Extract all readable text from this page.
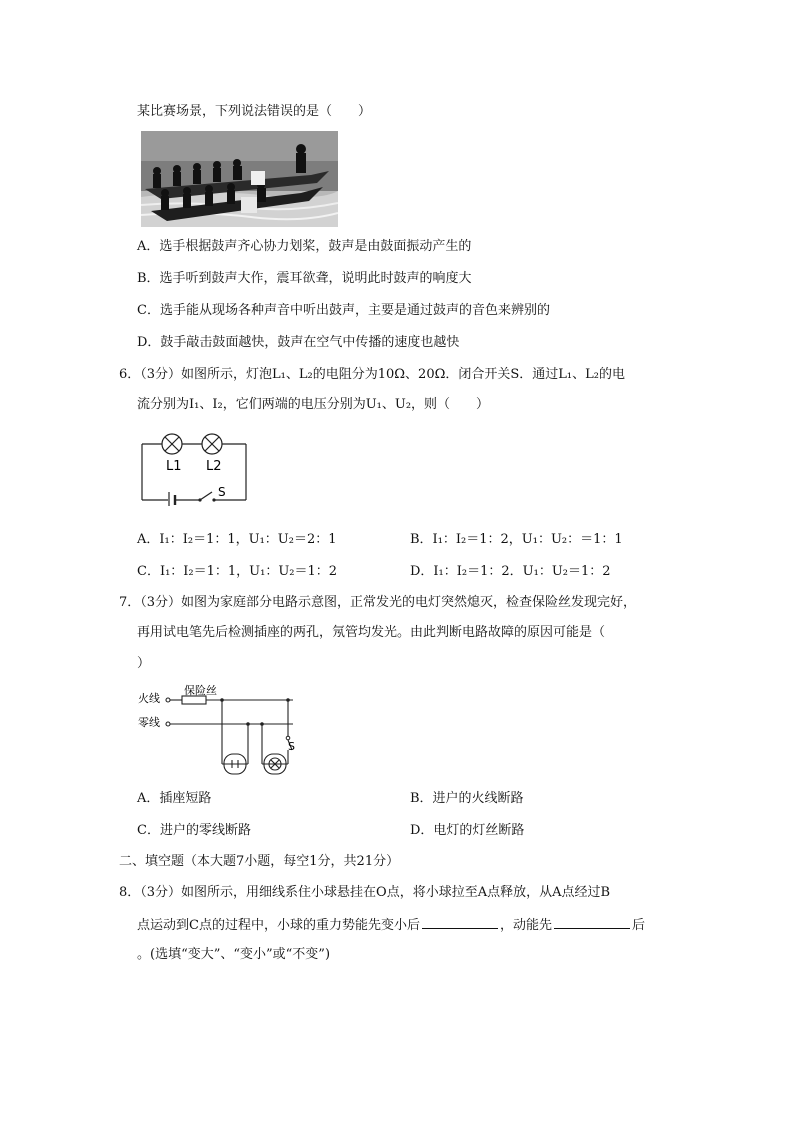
某比赛场景，下列说法错误的是（　　）
A．选手根据鼓声齐心协力划桨，鼓声是由鼓面振动产生的
B．选手听到鼓声大作，震耳欲聋，说明此时鼓声的响度大
C．选手能从现场各种声音中听出鼓声，主要是通过鼓声的音色来辨别的
D．鼓手敲击鼓面越快，鼓声在空气中传播的速度也越快
6．（3分）如图所示，灯泡L₁、L₂的电阻分为10Ω、20Ω．闭合开关S．通过L₁、L₂的电
流分别为I₁、I₂，它们两端的电压分别为U₁、U₂，则（　　）
L1 L2
S
A．I₁：I₂＝1：1，U₁：U₂＝2：1	B．I₁：I₂＝1：2，U₁：U₂：＝1：1
C．I₁：I₂＝1：1，U₁：U₂＝1：2	D．I₁：I₂＝1：2．U₁：U₂＝1：2
7．（3分）如图为家庭部分电路示意图，正常发光的电灯突然熄灭，检查保险丝发现完好，
再用试电笔先后检测插座的两孔，氖管均发光。由此判断电路故障的原因可能是（
）
火线
零线
保险丝
S
A．插座短路	B．进户的火线断路
C．进户的零线断路	D．电灯的灯丝断路
二、填空题（本大题7小题，每空1分，共21分）
8．（3分）如图所示，用细线系住小球悬挂在O点，将小球拉至A点释放，从A点经过B
点运动到C点的过程中，小球的重力势能先变小后	，动能先	后
。(选填“变大”、“变小”或“不变”)
